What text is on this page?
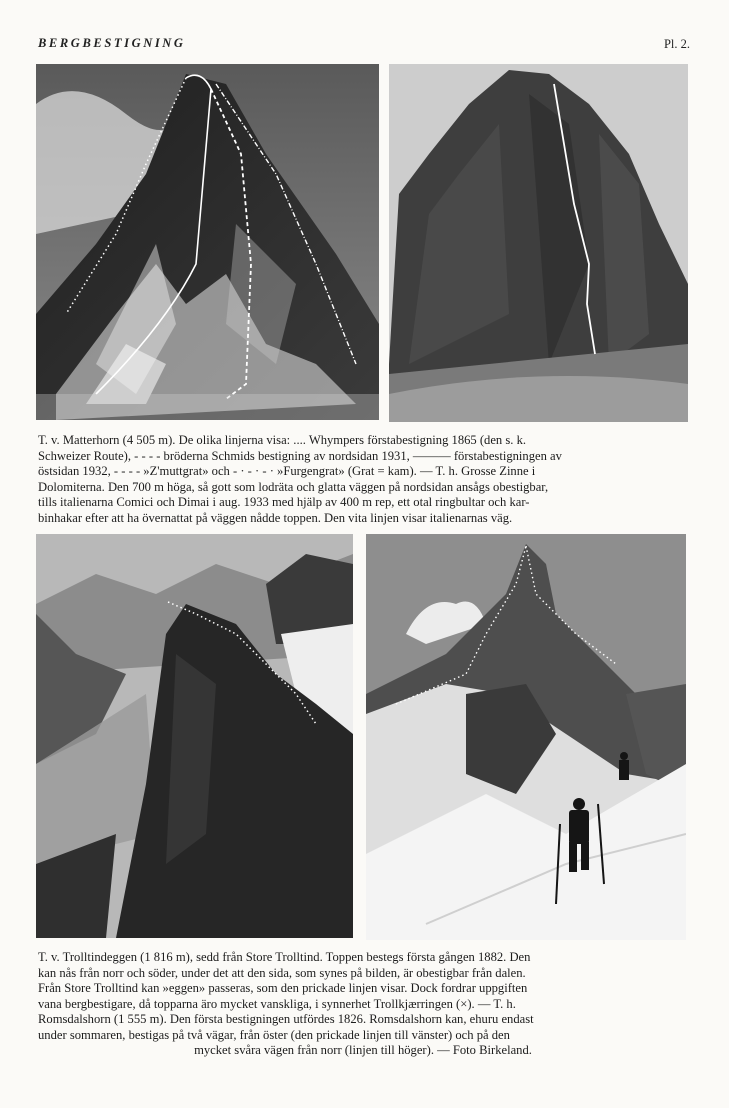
BERGBESTIGNING	Pl. 2.

T. v. Matterhorn (4 505 m). De olika linjerna visa: .... Whympers förstabestigning 1865 (den s. k.

Schweizer Route), - - - - bröderna Schmids bestigning av nordsidan 1931, ——— förstabestigningen av

östsidan 1932, - - - - »Z'muttgrat» och - · - · - · »Furgengrat» (Grat = kam). — T. h. Grosse Zinne i

Dolomiterna. Den 700 m höga, så gott som lodräta och glatta väggen på nordsidan ansågs obestigbar,

tills italienarna Comici och Dimai i aug. 1933 med hjälp av 400 m rep, ett otal ringbultar och kar-

binhakar efter att ha övernattat på väggen nådde toppen. Den vita linjen visar italienarnas väg.

T. v. Trolltindeggen (1 816 m), sedd från Store Trolltind. Toppen bestegs första gången 1882. Den

kan nås från norr och söder, under det att den sida, som synes på bilden, är obestigbar från dalen.

Från Store Trolltind kan »eggen» passeras, som den prickade linjen visar. Dock fordrar uppgiften

vana bergbestigare, då topparna äro mycket vanskliga, i synnerhet Trollkjærringen (×). — T. h.

Romsdalshorn (1 555 m). Den första bestigningen utfördes 1826. Romsdalshorn kan, ehuru endast

under sommaren, bestigas på två vägar, från öster (den prickade linjen till vänster) och på den

mycket svåra vägen från norr (linjen till höger). — Foto Birkeland.
